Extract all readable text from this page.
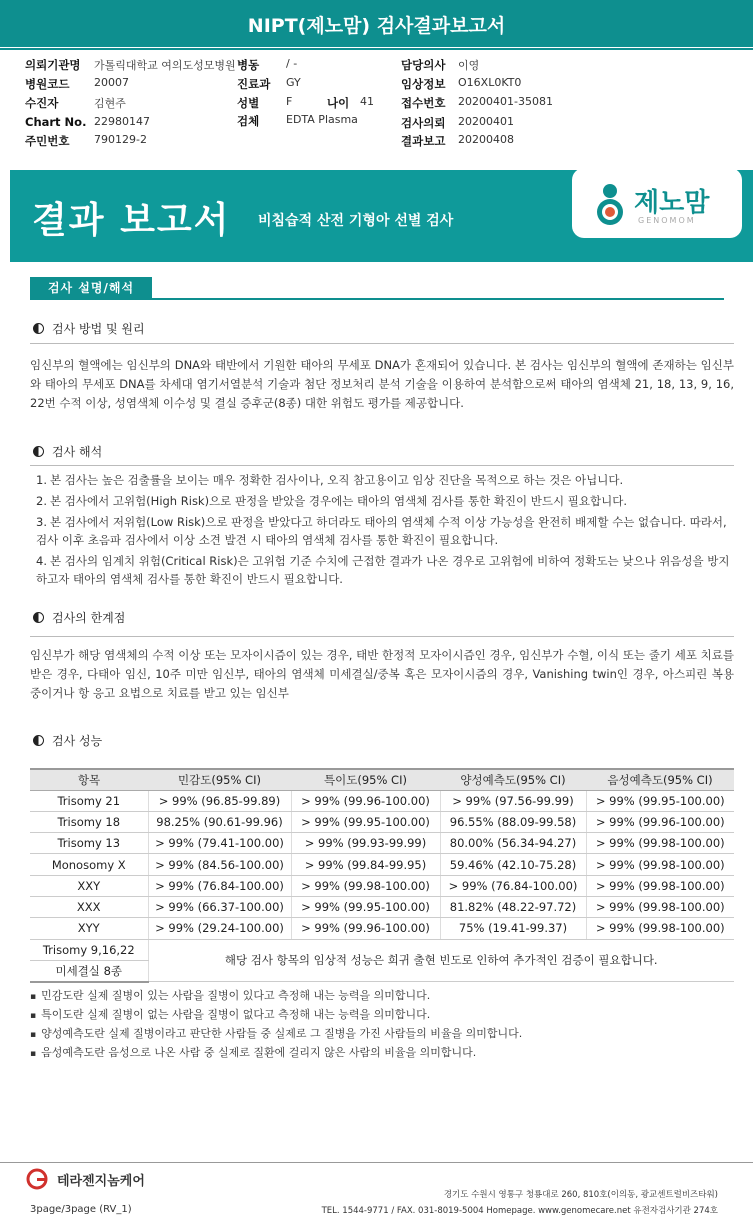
NIPT(제노맘) 검사결과보고서
의뢰기관명 가톨릭대학교 여의도성모병원 병동 / -	담당의사 이영
병원코드 20007	진료과 GY	임상정보 O16XL0KT0
수진자	김현주	성별 F	나이 41 접수번호 20200401-35081
Chart No. 22980147	검체 EDTA Plasma	검사의뢰 20200401
주민번호 790129-2	결과보고 20200408
결과 보고서 비침습적 산전 기형아 선별 검사
제노맘
GENOMOM
검사 설명/해석
검사 방법 및 원리
임신부의 혈액에는 임신부의 DNA와 태반에서 기원한 태아의 무세포 DNA가 혼재되어 있습니다. 본 검사는 임신부의 혈액에 존재하는 임신부와 태아의 무세포 DNA를 차세대 염기서열분석 기술과 첨단 정보처리 분석 기술을 이용하여 분석함으로써 태아의 염색체 21, 18, 13, 9, 16, 22번 수적 이상, 성염색체 이수성 및 결실 증후군(8종) 대한 위험도 평가를 제공합니다.
검사 해석
1. 본 검사는 높은 검출률을 보이는 매우 정확한 검사이나, 오직 참고용이고 임상 진단을 목적으로 하는 것은 아닙니다.
2. 본 검사에서 고위험(High Risk)으로 판정을 받았을 경우에는 태아의 염색체 검사를 통한 확진이 반드시 필요합니다.
3. 본 검사에서 저위험(Low Risk)으로 판정을 받았다고 하더라도 태아의 염색체 수적 이상 가능성을 완전히 배제할 수는 없습니다. 따라서, 검사 이후 초음파 검사에서 이상 소견 발견 시 태아의 염색체 검사를 통한 확진이 필요합니다.
4. 본 검사의 임계치 위험(Critical Risk)은 고위험 기준 수치에 근접한 결과가 나온 경우로 고위험에 비하여 정확도는 낮으나 위음성을 방지하고자 태아의 염색체 검사를 통한 확진이 반드시 필요합니다.
검사의 한계점
임신부가 해당 염색체의 수적 이상 또는 모자이시즘이 있는 경우, 태반 한정적 모자이시즘인 경우, 임신부가 수혈, 이식 또는 줄기 세포 치료를 받은 경우, 다태아 임신, 10주 미만 임신부, 태아의 염색체 미세결실/중복 혹은 모자이시즘의 경우, Vanishing twin인 경우, 아스피린 복용 중이거나 항 응고 요법으로 치료를 받고 있는 임신부
검사 성능
항목	민감도(95% CI)	특이도(95% CI)	양성예측도(95% CI)	음성예측도(95% CI)
Trisomy 21	> 99% (96.85-99.89)	> 99% (99.96-100.00)	> 99% (97.56-99.99)	> 99% (99.95-100.00)
Trisomy 18	98.25% (90.61-99.96)	> 99% (99.95-100.00)	96.55% (88.09-99.58)	> 99% (99.96-100.00)
Trisomy 13	> 99% (79.41-100.00)	> 99% (99.93-99.99)	80.00% (56.34-94.27)	> 99% (99.98-100.00)
Monosomy X	> 99% (84.56-100.00)	> 99% (99.84-99.95)	59.46% (42.10-75.28)	> 99% (99.98-100.00)
XXY	> 99% (76.84-100.00)	> 99% (99.98-100.00)	> 99% (76.84-100.00)	> 99% (99.98-100.00)
XXX	> 99% (66.37-100.00)	> 99% (99.95-100.00)	81.82% (48.22-97.72)	> 99% (99.98-100.00)
XYY	> 99% (29.24-100.00)	> 99% (99.96-100.00)	75% (19.41-99.37)	> 99% (99.98-100.00)
Trisomy 9,16,22	해당 검사 항목의 임상적 성능은 희귀 출현 빈도로 인하여 추가적인 검증이 필요합니다.			
미세결실 8종				
▪ 민감도란 실제 질병이 있는 사람을 질병이 있다고 측정해 내는 능력을 의미합니다.
▪ 특이도란 실제 질병이 없는 사람을 질병이 없다고 측정해 내는 능력을 의미합니다.
▪ 양성예측도란 실제 질병이라고 판단한 사람들 중 실제로 그 질병을 가진 사람들의 비율을 의미합니다.
▪ 음성예측도란 음성으로 나온 사람 중 실제로 질환에 걸리지 않은 사람의 비율을 의미합니다.
테라젠지놈케어
3page/3page (RV_1)
경기도 수원시 영통구 청룡대로 260, 810호(이의동, 광교센트럴비즈타워)
TEL. 1544-9771 / FAX. 031-8019-5004 Homepage. www.genomecare.net 유전자검사기관 274호
